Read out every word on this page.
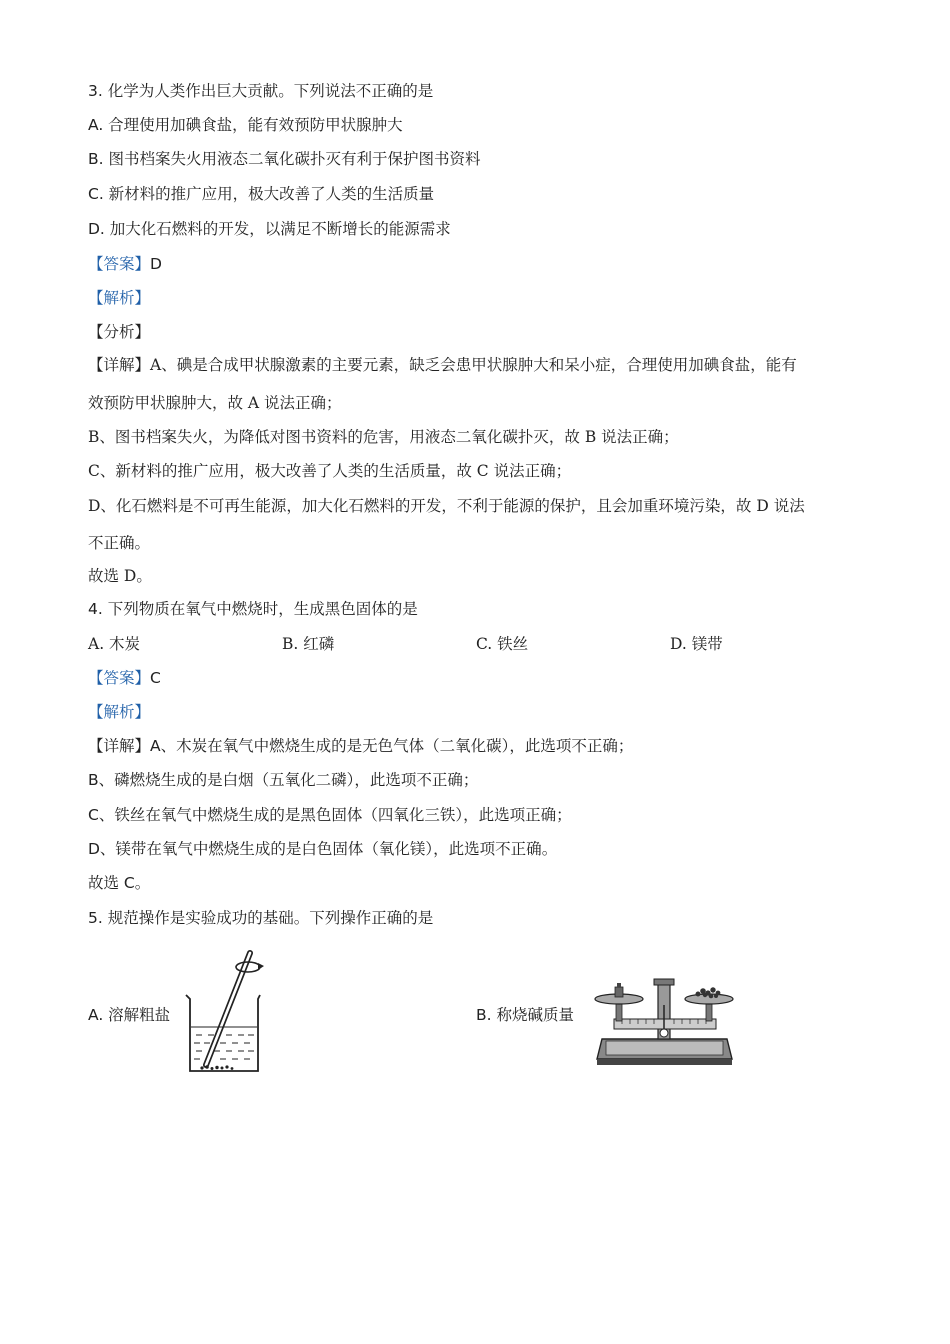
3. 化学为人类作出巨大贡献。下列说法不正确的是
A. 合理使用加碘食盐，能有效预防甲状腺肿大
B. 图书档案失火用液态二氧化碳扑灭有利于保护图书资料
C. 新材料的推广应用，极大改善了人类的生活质量
D. 加大化石燃料的开发，以满足不断增长的能源需求
【答案】D
【解析】
【分析】
【详解】A、碘是合成甲状腺激素的主要元素，缺乏会患甲状腺肿大和呆小症，合理使用加碘食盐，能有
效预防甲状腺肿大，故 A 说法正确；
B、图书档案失火，为降低对图书资料的危害，用液态二氧化碳扑灭，故 B 说法正确；
C、新材料的推广应用，极大改善了人类的生活质量，故 C 说法正确；
D、化石燃料是不可再生能源，加大化石燃料的开发，不利于能源的保护，且会加重环境污染，故 D 说法
不正确。
故选 D。
4. 下列物质在氧气中燃烧时，生成黑色固体的是
A. 木炭	B. 红磷	C. 铁丝	D. 镁带
【答案】C
【解析】
【详解】A、木炭在氧气中燃烧生成的是无色气体（二氧化碳），此选项不正确；
B、磷燃烧生成的是白烟（五氧化二磷），此选项不正确；
C、铁丝在氧气中燃烧生成的是黑色固体（四氧化三铁），此选项正确；
D、镁带在氧气中燃烧生成的是白色固体（氧化镁），此选项不正确。
故选 C。
5. 规范操作是实验成功的基础。下列操作正确的是
A. 溶解粗盐	B. 称烧碱质量
